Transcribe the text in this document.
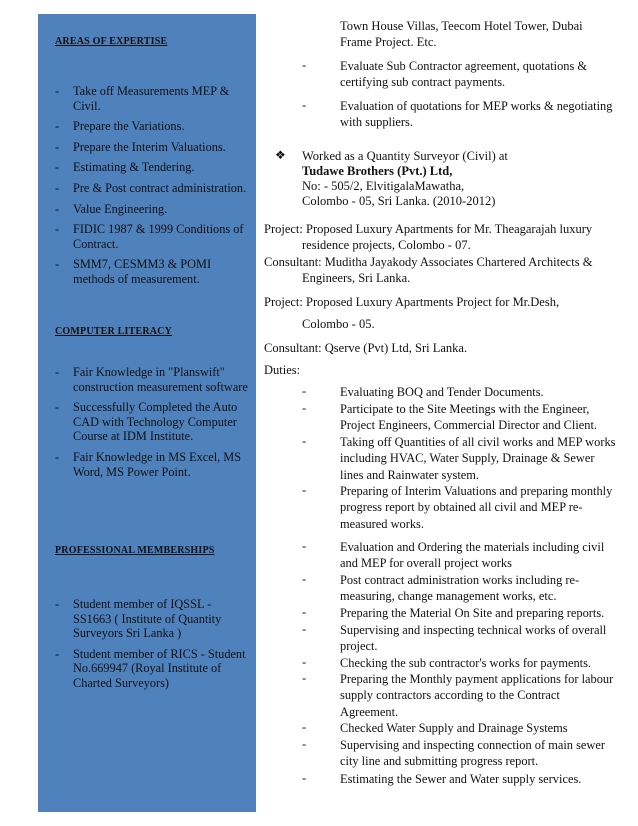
AREAS OF EXPERTISE
- Take off Measurements MEP & Civil.
- Prepare the Variations.
- Prepare the Interim Valuations.
- Estimating & Tendering.
- Pre & Post contract administration.
- Value Engineering.
- FIDIC 1987 & 1999 Conditions of Contract.
- SMM7, CESMM3 & POMI methods of measurement.
COMPUTER LITERACY
- Fair Knowledge in "Planswift" construction measurement software
- Successfully Completed the Auto CAD with Technology Computer Course at IDM Institute.
- Fair Knowledge in MS Excel, MS Word, MS Power Point.
PROFESSIONAL MEMBERSHIPS
- Student member of IQSSL - SS1663 ( Institute of Quantity Surveyors Sri Lanka )
- Student member of RICS - Student No.669947 (Royal Institute of Charted Surveyors)
Town House Villas, Teecom Hotel Tower, Dubai
Frame Project. Etc.
-	Evaluate Sub Contractor agreement, quotations & certifying sub contract payments.
-	Evaluation of quotations for MEP works & negotiating with suppliers.
❖ Worked as a Quantity Surveyor (Civil) at
Tudawe Brothers (Pvt.) Ltd,
No: - 505/2, ElvitigalaMawatha,
Colombo - 05, Sri Lanka. (2010-2012)
Project: Proposed Luxury Apartments for Mr. Theagarajah luxury
residence projects, Colombo - 07.
Consultant: Muditha Jayakody Associates Chartered Architects &
Engineers, Sri Lanka.
Project: Proposed Luxury Apartments Project for Mr.Desh,
Colombo - 05.
Consultant: Qserve (Pvt) Ltd, Sri Lanka.
Duties:
-	Evaluating BOQ and Tender Documents.
-	Participate to the Site Meetings with the Engineer, Project Engineers, Commercial Director and Client.
-	Taking off Quantities of all civil works and MEP works including HVAC, Water Supply, Drainage & Sewer lines and Rainwater system.
-	Preparing of Interim Valuations and preparing monthly progress report by obtained all civil and MEP re-measured works.
-	Evaluation and Ordering the materials including civil and MEP for overall project works
-	Post contract administration works including re-measuring, change management works, etc.
-	Preparing the Material On Site and preparing reports.
-	Supervising and inspecting technical works of overall project.
-	Checking the sub contractor's works for payments.
-	Preparing the Monthly payment applications for labour supply contractors according to the Contract Agreement.
-	Checked Water Supply and Drainage Systems
-	Supervising and inspecting connection of main sewer city line and submitting progress report.
-	Estimating the Sewer and Water supply services.
